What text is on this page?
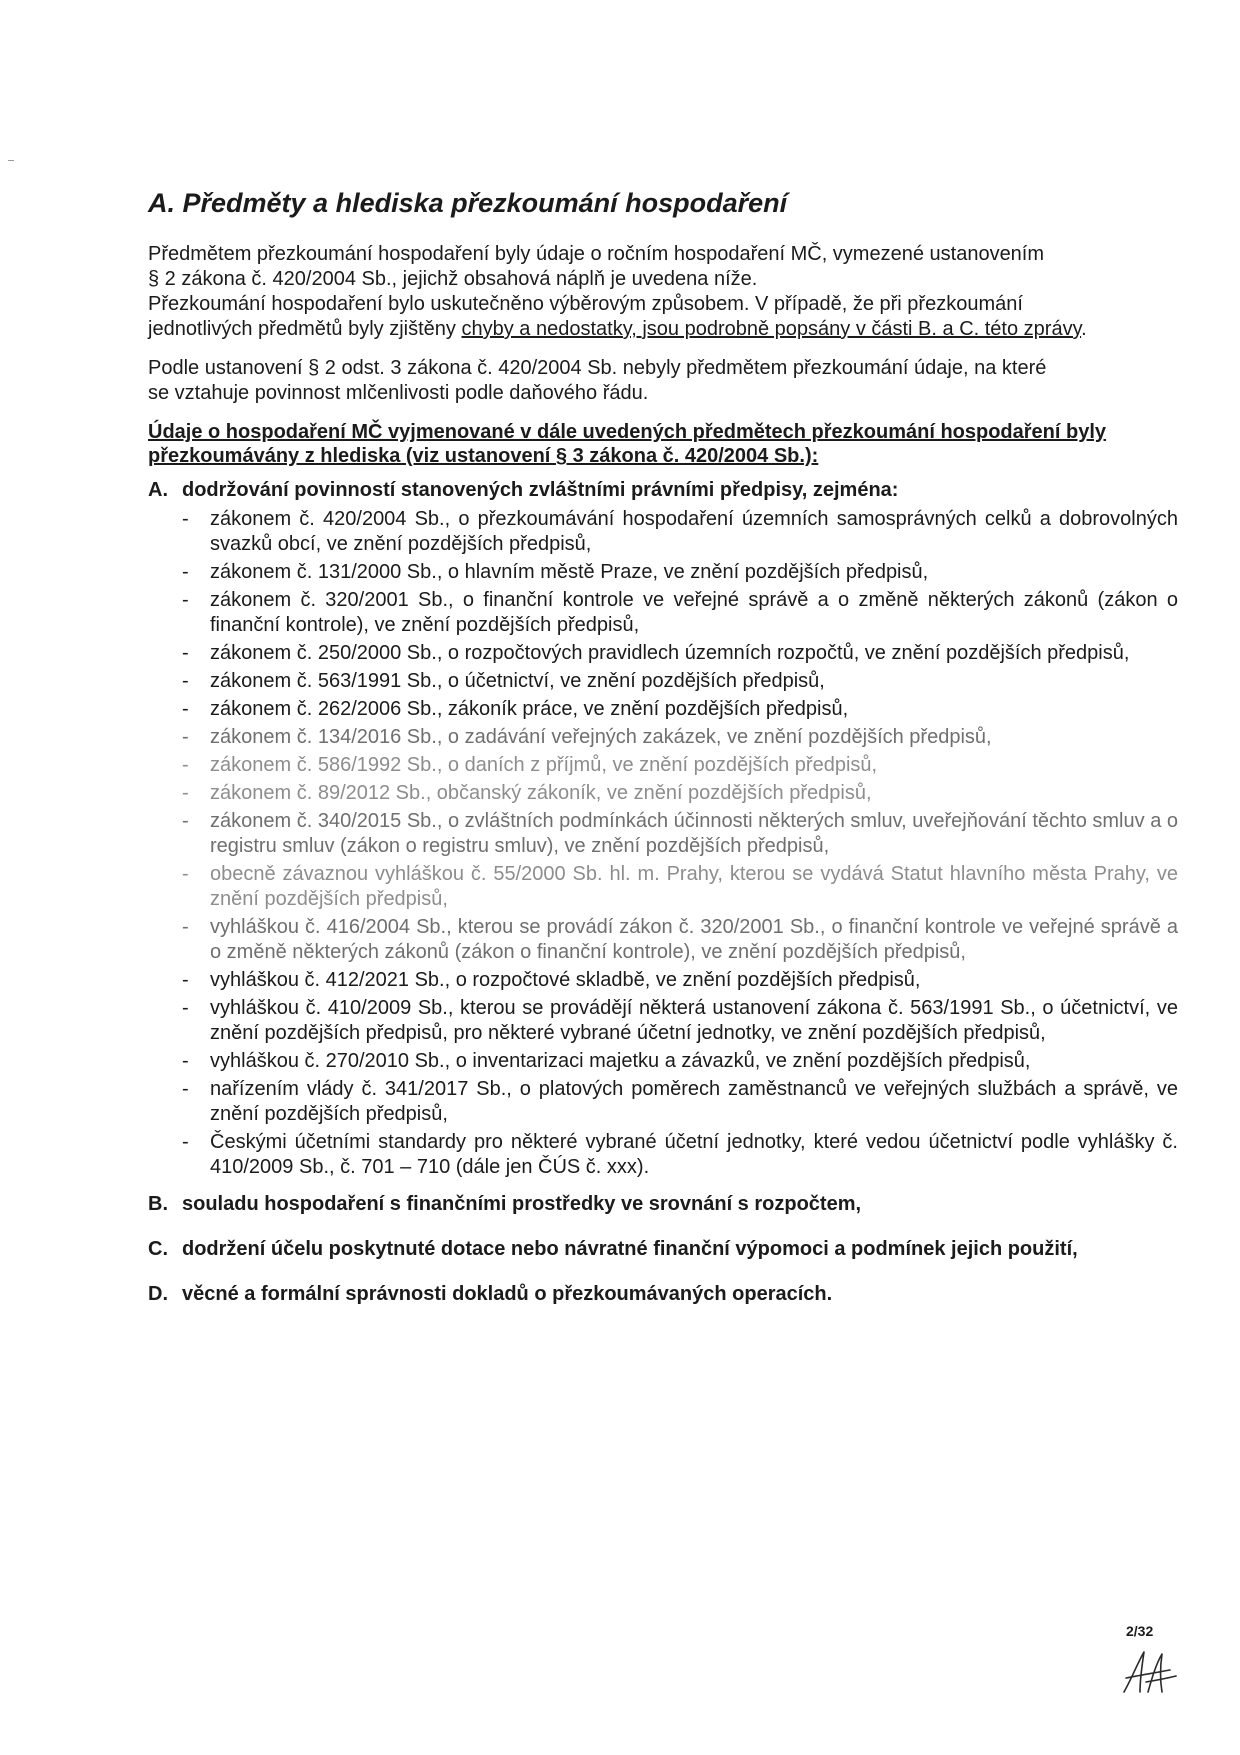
A. Předměty a hlediska přezkoumání hospodaření

Předmětem přezkoumání hospodaření byly údaje o ročním hospodaření MČ, vymezené ustanovením
§ 2 zákona č. 420/2004 Sb., jejichž obsahová náplň je uvedena níže.
Přezkoumání hospodaření bylo uskutečněno výběrovým způsobem. V případě, že při přezkoumání
jednotlivých předmětů byly zjištěny chyby a nedostatky, jsou podrobně popsány v části B. a C. této zprávy.

Podle ustanovení § 2 odst. 3 zákona č. 420/2004 Sb. nebyly předmětem přezkoumání údaje, na které
se vztahuje povinnost mlčenlivosti podle daňového řádu.

Údaje o hospodaření MČ vyjmenované v dále uvedených předmětech přezkoumání hospodaření byly
přezkoumávány z hlediska (viz ustanovení § 3 zákona č. 420/2004 Sb.):
A. dodržování povinností stanovených zvláštními právními předpisy, zejména:
- zákonem č. 420/2004 Sb., o přezkoumávání hospodaření územních samosprávných celků a dobrovolných svazků obcí, ve znění pozdějších předpisů,
- zákonem č. 131/2000 Sb., o hlavním městě Praze, ve znění pozdějších předpisů,
- zákonem č. 320/2001 Sb., o finanční kontrole ve veřejné správě a o změně některých zákonů (zákon o finanční kontrole), ve znění pozdějších předpisů,
- zákonem č. 250/2000 Sb., o rozpočtových pravidlech územních rozpočtů, ve znění pozdějších předpisů,
- zákonem č. 563/1991 Sb., o účetnictví, ve znění pozdějších předpisů,
- zákonem č. 262/2006 Sb., zákoník práce, ve znění pozdějších předpisů,
- zákonem č. 134/2016 Sb., o zadávání veřejných zakázek, ve znění pozdějších předpisů,
- zákonem č. 586/1992 Sb., o daních z příjmů, ve znění pozdějších předpisů,
- zákonem č. 89/2012 Sb., občanský zákoník, ve znění pozdějších předpisů,
- zákonem č. 340/2015 Sb., o zvláštních podmínkách účinnosti některých smluv, uveřejňování těchto smluv a o registru smluv (zákon o registru smluv), ve znění pozdějších předpisů,
- obecně závaznou vyhláškou č. 55/2000 Sb. hl. m. Prahy, kterou se vydává Statut hlavního města Prahy, ve znění pozdějších předpisů,
- vyhláškou č. 416/2004 Sb., kterou se provádí zákon č. 320/2001 Sb., o finanční kontrole ve veřejné správě a o změně některých zákonů (zákon o finanční kontrole), ve znění pozdějších předpisů,
- vyhláškou č. 412/2021 Sb., o rozpočtové skladbě, ve znění pozdějších předpisů,
- vyhláškou č. 410/2009 Sb., kterou se provádějí některá ustanovení zákona č. 563/1991 Sb., o účetnictví, ve znění pozdějších předpisů, pro některé vybrané účetní jednotky, ve znění pozdějších předpisů,
- vyhláškou č. 270/2010 Sb., o inventarizaci majetku a závazků, ve znění pozdějších předpisů,
- nařízením vlády č. 341/2017 Sb., o platových poměrech zaměstnanců ve veřejných službách a správě, ve znění pozdějších předpisů,
- Českými účetními standardy pro některé vybrané účetní jednotky, které vedou účetnictví podle vyhlášky č. 410/2009 Sb., č. 701 – 710 (dále jen ČÚS č. xxx).
B. souladu hospodaření s finančními prostředky ve srovnání s rozpočtem,
C. dodržení účelu poskytnuté dotace nebo návratné finanční výpomoci a podmínek jejich použití,
D. věcné a formální správnosti dokladů o přezkoumávaných operacích.
2/32
